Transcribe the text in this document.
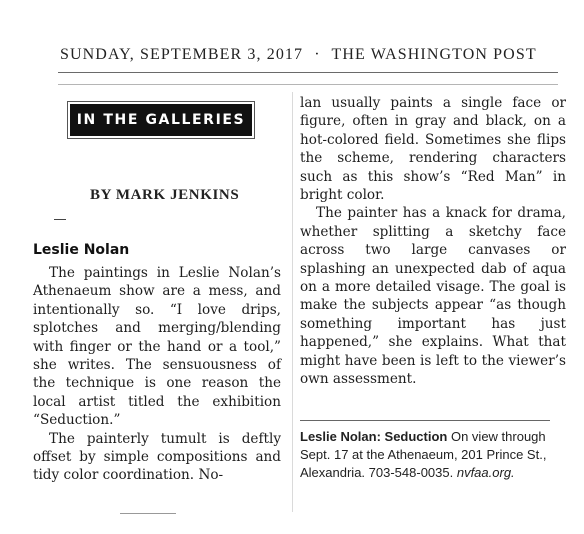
SUNDAY, SEPTEMBER 3, 2017 · THE WASHINGTON POST
IN THE GALLERIES
BY MARK JENKINS
Leslie Nolan

The paintings in Leslie Nolan’s Athenaeum show are a mess, and intentionally so. “I love drips, splotches and merging/blending with finger or the hand or a tool,” she writes. The sensuousness of the technique is one reason the local artist titled the exhibition “Seduction.”

The painterly tumult is deftly offset by simple compositions and tidy color coordination. No-

lan usually paints a single face or figure, often in gray and black, on a hot-colored field. Sometimes she flips the scheme, rendering characters such as this show’s “Red Man” in bright color.

The painter has a knack for drama, whether splitting a sketchy face across two large canvases or splashing an unexpected dab of aqua on a more detailed visage. The goal is make the subjects appear “as though something important has just happened,” she explains. What that might have been is left to the viewer’s own assessment.

Leslie Nolan: Seduction On view through Sept. 17 at the Athenaeum, 201 Prince St., Alexandria. 703-548-0035. nvfaa.org.
